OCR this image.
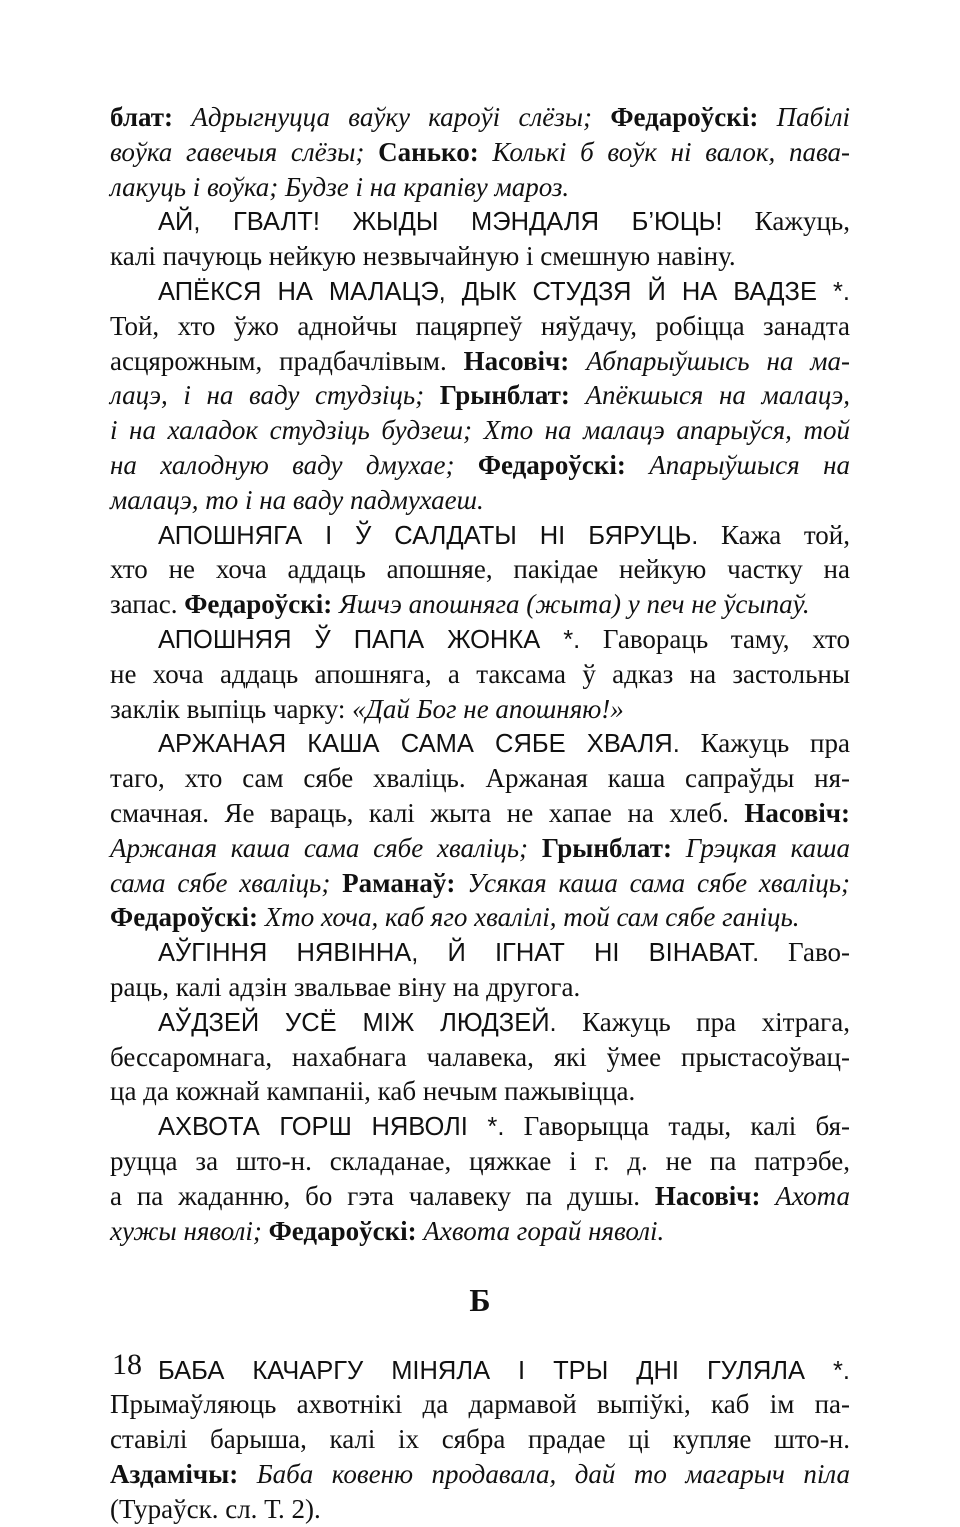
блат: Адрыгнуцца ваўку кароўі слёзы; Федароўскі: Пабілі
воўка гавечыя слёзы; Санько: Колькі б воўк ні валок, пава-
лакуць і воўка; Будзе і на крапіву мароз.
АЙ, ГВАЛТ! ЖЫДЫ МЭНДАЛЯ Б’ЮЦЬ! Кажуць,
калі пачуюць нейкую незвычайную і смешную навіну.
АПЁКСЯ НА МАЛАЦЭ, ДЫК СТУДЗЯ Й НА ВАДЗЕ *.
Той, хто ўжо аднойчы пацярпеў няўдачу, робіцца занадта
асцярожным, прадбачлівым. Насовіч: Абпарыўшысь на ма-
лацэ, і на ваду студзіць; Грынблат: Апёкшыся на малацэ,
і на халадок студзіць будзеш; Хто на малацэ апарыўся, той
на халодную ваду дмухае; Федароўскі: Апарыўшыся на
малацэ, то і на ваду падмухаеш.
АПОШНЯГА І Ў САЛДАТЫ НІ БЯРУЦЬ. Кажа той,
хто не хоча аддаць апошняе, пакідае нейкую частку на
запас. Федароўскі: Яшчэ апошняга (жыта) у печ не ўсыпаў.
АПОШНЯЯ Ў ПАПА ЖОНКА *. Гавораць таму, хто
не хоча аддаць апошняга, а таксама ў адказ на застольны
заклік выпіць чарку: «Дай Бог не апошняю!»
АРЖАНАЯ КАША САМА СЯБЕ ХВАЛЯ. Кажуць пра
таго, хто сам сябе хваліць. Аржаная каша сапраўды ня-
смачная. Яе вараць, калі жыта не хапае на хлеб. Насовіч:
Аржаная каша сама сябе хваліць; Грынблат: Грэцкая каша
сама сябе хваліць; Раманаў: Усякая каша сама сябе хваліць;
Федароўскі: Хто хоча, каб яго хвалілі, той сам сябе ганіць.
АЎГІННЯ НЯВІННА, Й ІГНАТ НІ ВІНАВАТ. Гаво-
раць, калі адзін звальвае віну на другога.
АЎДЗЕЙ УСЁ МІЖ ЛЮДЗЕЙ. Кажуць пра хітрага,
бессаромнага, нахабнага чалавека, які ўмее прыстасоўвац-
ца да кожнай кампаніі, каб нечым пажывіцца.
АХВОТА ГОРШ НЯВОЛІ *. Гаворыцца тады, калі бя-
руцца за што-н. складанае, цяжкае і г. д. не па патрэбе,
а па жаданню, бо гэта чалавеку па душы. Насовіч: Ахота
хужы няволі; Федароўскі: Ахвота горай няволі.
Б
БАБА КАЧАРГУ МІНЯЛА І ТРЫ ДНІ ГУЛЯЛА *.
Прымаўляюць ахвотнікі да дармавой выпіўкі, каб ім па-
ставілі барыша, калі іх сябра прадае ці купляе што-н.
Аздамічы: Баба ковеню продавала, дай то магарыч піла
(Тураўск. сл. Т. 2).
18
